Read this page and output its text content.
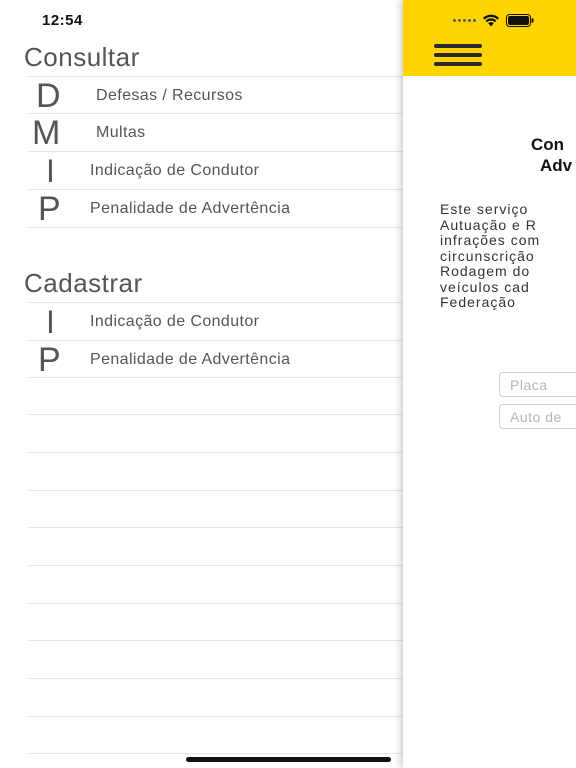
12:54
Consultar
D Defesas / Recursos
M Multas
I Indicação de Condutor
P Penalidade de Advertência
Cadastrar
I Indicação de Condutor
P Penalidade de Advertência
Con
Adv
Este serviço
Autuação e R
infrações com
circunscrição
Rodagem do
veículos cad
Federação
Placa
Auto de
